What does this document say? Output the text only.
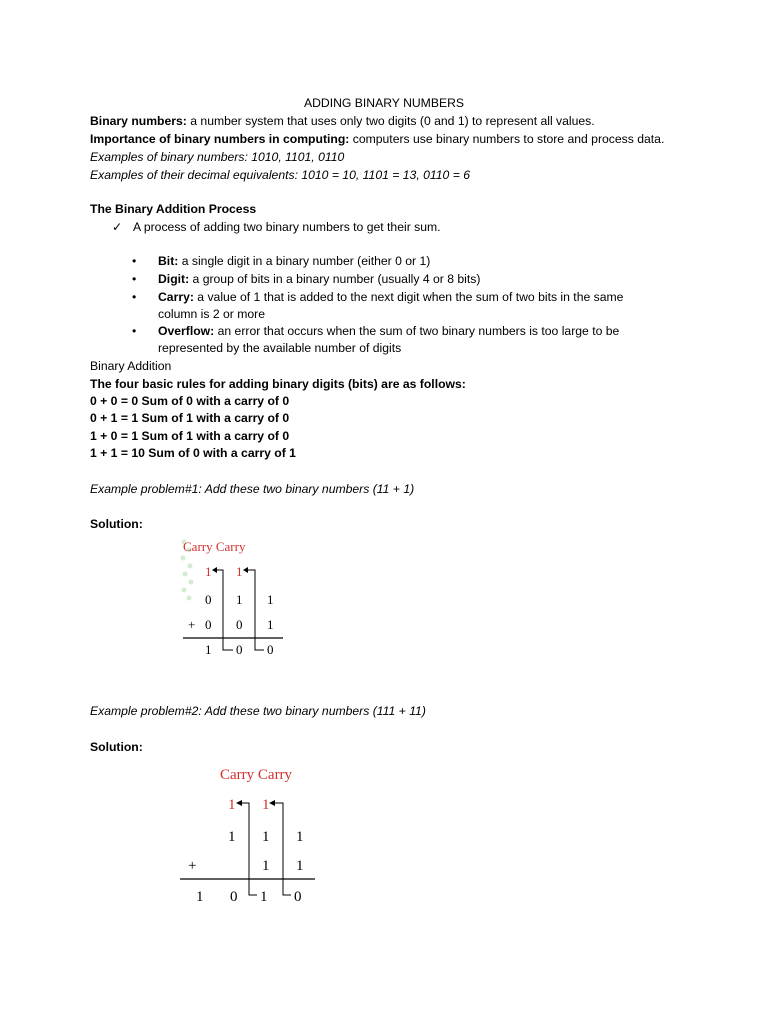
ADDING BINARY NUMBERS
Binary numbers: a number system that uses only two digits (0 and 1) to represent all values.
Importance of binary numbers in computing: computers use binary numbers to store and process data.
Examples of binary numbers: 1010, 1101, 0110
Examples of their decimal equivalents: 1010 = 10, 1101 = 13, 0110 = 6
The Binary Addition Process
✓ A process of adding two binary numbers to get their sum.
• Bit: a single digit in a binary number (either 0 or 1)
• Digit: a group of bits in a binary number (usually 4 or 8 bits)
• Carry: a value of 1 that is added to the next digit when the sum of two bits in the same
column is 2 or more
• Overflow: an error that occurs when the sum of two binary numbers is too large to be
represented by the available number of digits
Binary Addition
The four basic rules for adding binary digits (bits) are as follows:
0 + 0 = 0 Sum of 0 with a carry of 0
0 + 1 = 1 Sum of 1 with a carry of 0
1 + 0 = 1 Sum of 1 with a carry of 0
1 + 1 = 10 Sum of 0 with a carry of 1
Example problem#1: Add these two binary numbers (11 + 1)
Solution:
Carry Carry
1 1
0 1 1
+ 0 0 1
1 0 0
Example problem#2: Add these two binary numbers (111 + 11)
Solution:
Carry Carry
1 1
1 1 1
+	1 1
1 0 1 0
